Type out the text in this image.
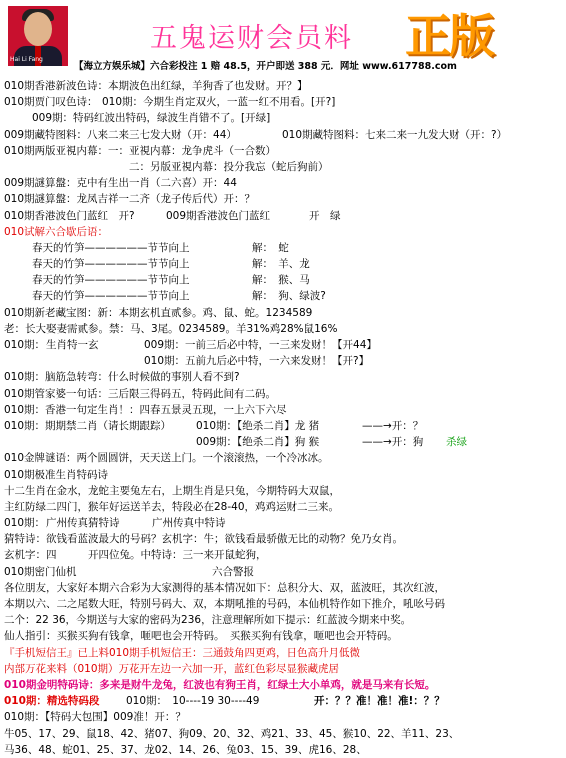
Hai Li Fang
五鬼运财会员料 正版
【海立方娱乐城】六合彩投注 1 赔 48.5，开户即送 388 元．网址 www.617788.com
010期香港新波色诗：本期波色出红绿，羊狗香了也发财。开？】
010期贾门叹色诗： 010期：今期生肖定双火，一蓝一红不用看。[开?]
009期：特码红波出特码，绿波生肖错不了。[开绿]
009期藏特图料：八来二来三七发大财（开：44）	010期藏特图料：七来二来一九发大财（开：?）
010期两版亚視内幕：一：亚視内幕：龙争虎斗（一合数）
二：另版亚視内幕：投分我忘（蛇后狗前）
009期謎算盤：克中有生出一肖（二六喜）开：44
010期謎算盤：龙凤吉祥一二齐（龙子传后代）开：？
010期香港波色门蓝红　开?	009期香港波色门蓝红	开　绿
010试解六合歇后语：
春天的竹笋——————节节向上	解：　蛇
春天的竹笋——————节节向上	解：　羊、龙
春天的竹笋——————节节向上	解：　猴、马
春天的竹笋——————节节向上	解：　狗、绿波?
010期新老藏宝图：新：本期玄机直贰参。鸡、鼠、蛇。1234589
老：长大娶妻需贰参。禁：马、3尾。0234589。羊31%鸡28%鼠16%
010期： 生肖特一玄	009期：一前三后必中特，一三来发财！【开44】
010期：五前九后必中特，一六来发财！【开?】
010期：脑筋急转弯：什么时候做的事别人看不到?
010期管家婆一句话：三后限三得码五，特码此间有二码。
010期：香港一句定生肖！：四春五景灵五现，一上六下六尽
010期：期期禁二肖（请长期跟踪） 010期：【绝杀二肖】龙 猪	——→开：？
009期：【绝杀二肖】狗 猴	——→开：狗 杀绿
010金牌谜语：两个圆圆饼，天天送上门。一个滚滚热，一个冷冰冰。
010期极准生肖特码诗
十二生肖在金水，龙蛇主要兔左右，上期生肖是只兔，今期特码大双鼠，
主红防绿二四门，猴年好运送羊去，特段必在28-40，鸡鸡运财二三来。
010期： 广州传真猜特诗	广州传真中特诗
猜特诗：欲钱看蓝波最大的号码？玄机字：牛；欲钱看最骄傲无比的动物？免乃女肖。
玄机字：四	开四位兔。中特诗：三一来开鼠蛇狗，
010期密门仙机	六合警报
各位朋友，大家好本期六合彩为大家测得的基本情况如下：总积分大、双，蓝波旺，其次红波，
本期以六、二之尾数大旺，特别号码大、双，本期吼推的号码，本仙机特作如下推介，吼吆号码
二个：22 36，今期送与大家的密码为236，注意理解所如下提示：红蓝波今期来中奖。
仙人指引：买猴买狗有钱拿，咂吧也会开特码。　买猴买狗有钱拿，咂吧也会开特码。
『手机短信王』已上料010期手机短信王：三通鼓角四更鸡，日色高升月低微
内部万花来料（010期）万花开左边一六加一开，蓝红色彩尽显猴藏虎居
010期金明特码诗：多来是财牛龙兔，红波也有狗王肖，红绿土大小单鸡，就是马来有长短。
010期：精选特码段	010期：　10----19 30----49	开：？？准！准！准!：？？
010期：【特码大包围】009准！开：？
牛05、17、29、鼠18、42、猪07、狗09、20、32、鸡21、33、45、猴10、22、羊11、23、
马36、48、蛇01、25、37、龙02、14、26、兔03、15、39、虎16、28、
